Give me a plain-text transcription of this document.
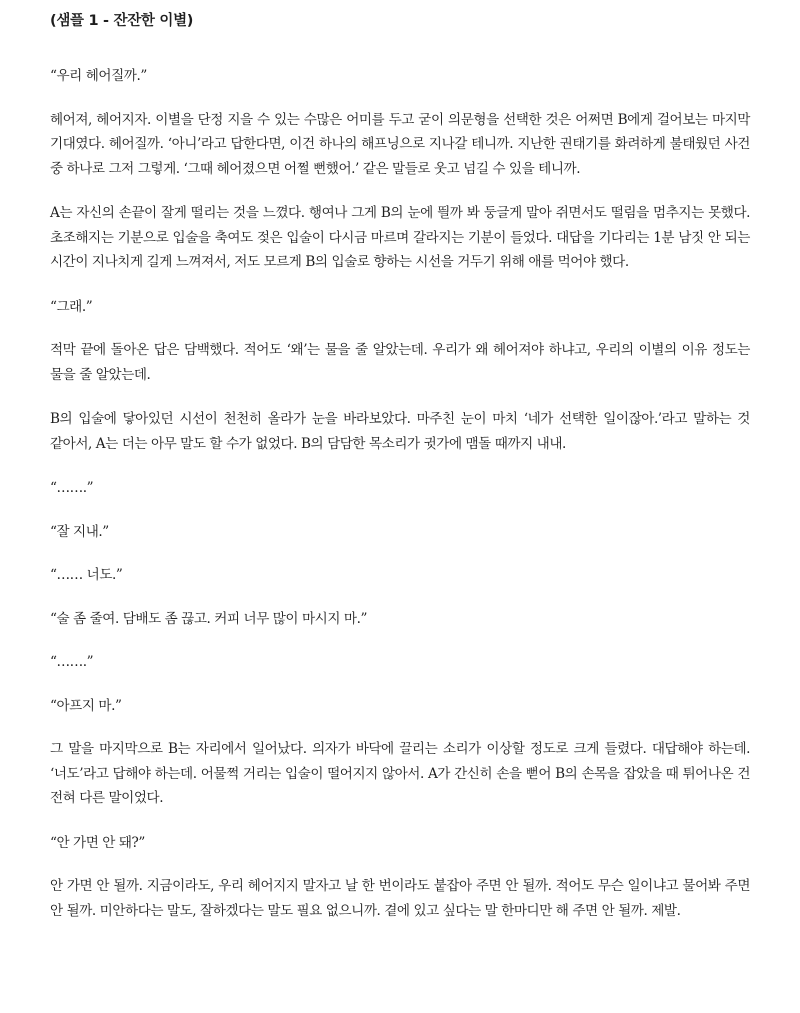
(샘플 1 - 잔잔한 이별)

“우리 헤어질까.”

헤어져, 헤어지자. 이별을 단정 지을 수 있는 수많은 어미를 두고 굳이 의문형을 선택한 것은 어쩌면 B에게 걸어보는 마지막 기대였다. 헤어질까. ‘아니’라고 답한다면, 이건 하나의 해프닝으로 지나갈 테니까. 지난한 권태기를 화려하게 불태웠던 사건 중 하나로 그저 그렇게. ‘그때 헤어졌으면 어쩔 뻔했어.’ 같은 말들로 웃고 넘길 수 있을 테니까.

A는 자신의 손끝이 잘게 떨리는 것을 느꼈다. 행여나 그게 B의 눈에 띌까 봐 둥글게 말아 쥐면서도 떨림을 멈추지는 못했다. 초조해지는 기분으로 입술을 축여도 젖은 입술이 다시금 마르며 갈라지는 기분이 들었다. 대답을 기다리는 1분 남짓 안 되는 시간이 지나치게 길게 느껴져서, 저도 모르게 B의 입술로 향하는 시선을 거두기 위해 애를 먹어야 했다.

“그래.”

적막 끝에 돌아온 답은 담백했다. 적어도 ‘왜’는 물을 줄 알았는데. 우리가 왜 헤어져야 하냐고, 우리의 이별의 이유 정도는 물을 줄 알았는데.

B의 입술에 닿아있던 시선이 천천히 올라가 눈을 바라보았다. 마주친 눈이 마치 ‘네가 선택한 일이잖아.’라고 말하는 것 같아서, A는 더는 아무 말도 할 수가 없었다. B의 담담한 목소리가 귓가에 맴돌 때까지 내내.

“…….”

“잘 지내.”

“…… 너도.”

“술 좀 줄여. 담배도 좀 끊고. 커피 너무 많이 마시지 마.”

“…….”

“아프지 마.”

그 말을 마지막으로 B는 자리에서 일어났다. 의자가 바닥에 끌리는 소리가 이상할 정도로 크게 들렸다. 대답해야 하는데. ‘너도’라고 답해야 하는데. 어물쩍 거리는 입술이 떨어지지 않아서. A가 간신히 손을 뻗어 B의 손목을 잡았을 때 튀어나온 건 전혀 다른 말이었다.

“안 가면 안 돼?”

안 가면 안 될까. 지금이라도, 우리 헤어지지 말자고 날 한 번이라도 붙잡아 주면 안 될까. 적어도 무슨 일이냐고 물어봐 주면 안 될까. 미안하다는 말도, 잘하겠다는 말도 필요 없으니까. 곁에 있고 싶다는 말 한마디만 해 주면 안 될까. 제발.
